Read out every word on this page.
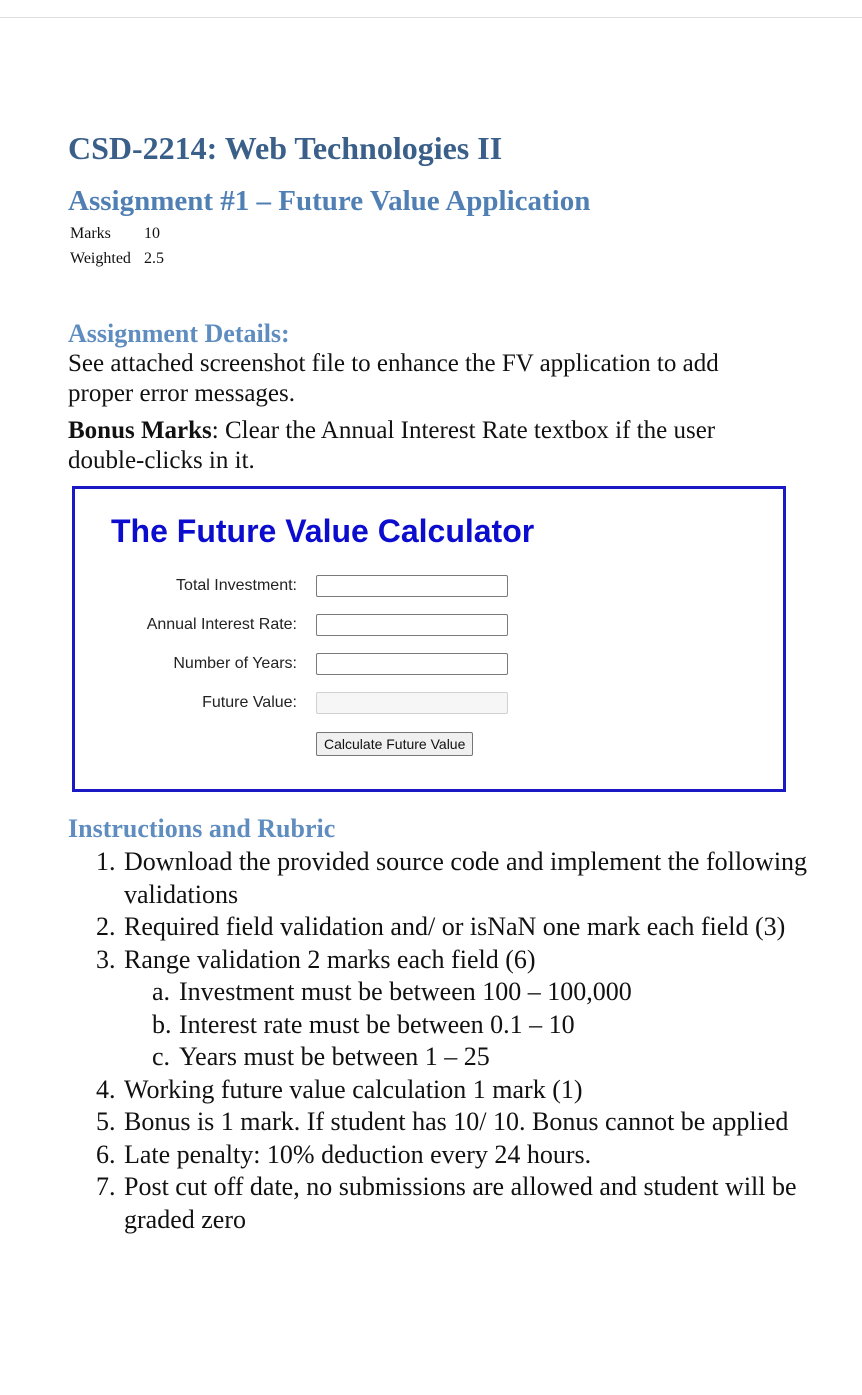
CSD-2214: Web Technologies II
Assignment #1 – Future Value Application
Marks	10
Weighted	2.5
Assignment Details:

See attached screenshot file to enhance the FV application to add proper error messages.

Bonus Marks: Clear the Annual Interest Rate textbox if the user double-clicks in it.

Instructions and Rubric
1. Download the provided source code and implement the following validations
2. Required field validation and/ or isNaN one mark each field (3)
3. Range validation 2 marks each field (6)
a. Investment must be between 100 – 100,000
b. Interest rate must be between 0.1 – 10
c. Years must be between 1 – 25
4. Working future value calculation 1 mark (1)
5. Bonus is 1 mark. If student has 10/ 10. Bonus cannot be applied
6. Late penalty: 10% deduction every 24 hours.
7. Post cut off date, no submissions are allowed and student will be graded zero
The Future Value Calculator
Total Investment:
Annual Interest Rate:
Number of Years:
Future Value:
Calculate Future Value
